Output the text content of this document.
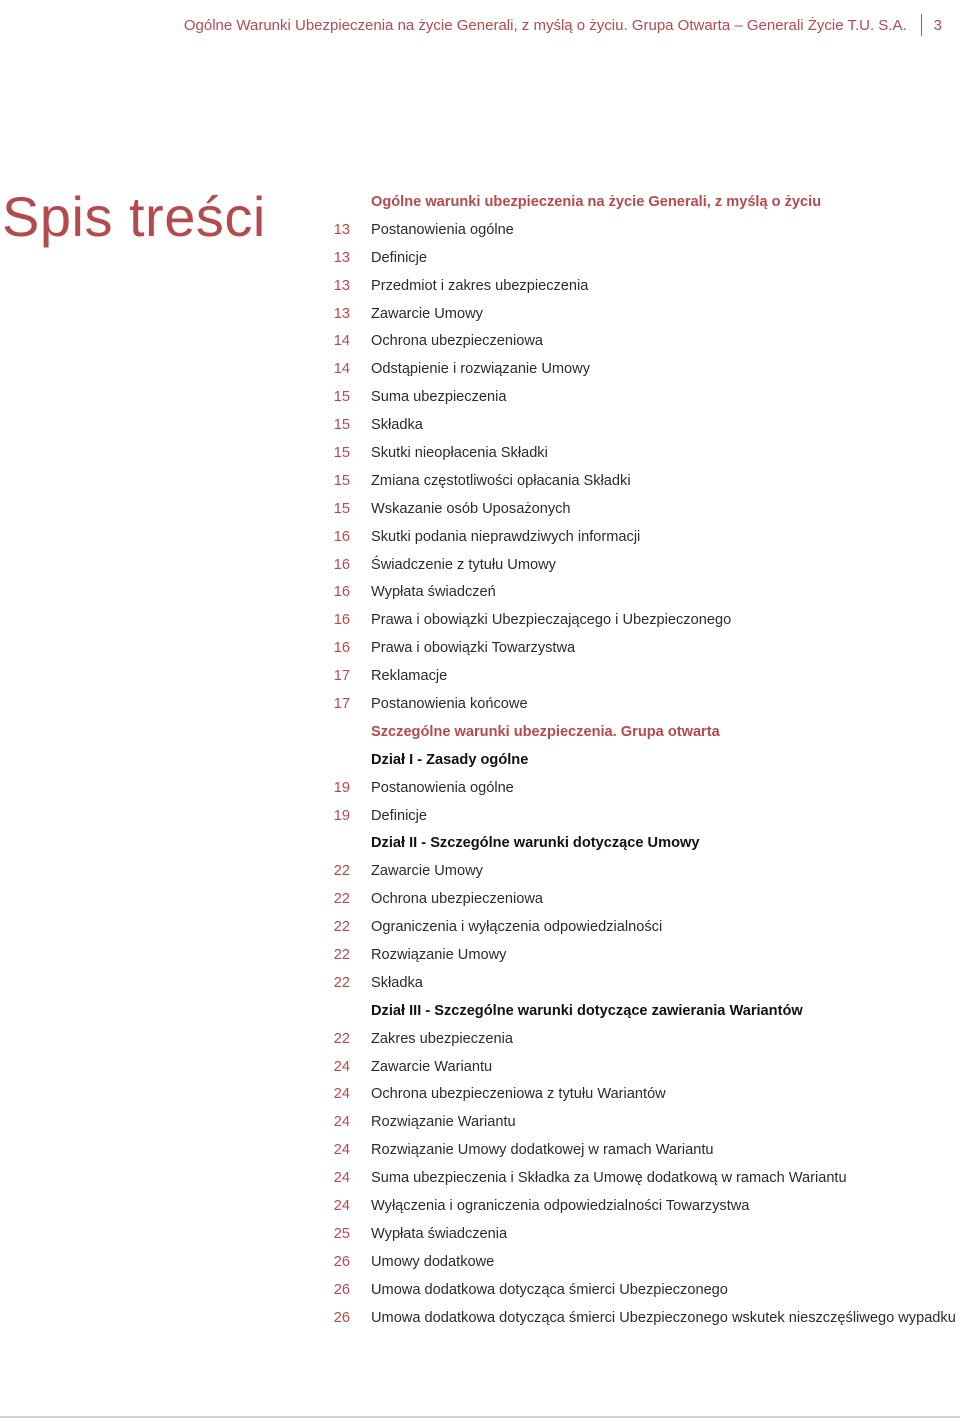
Ogólne Warunki Ubezpieczenia na życie Generali, z myślą o życiu. Grupa Otwarta – Generali Życie T.U. S.A. 3
Spis treści	Ogólne warunki ubezpieczenia na życie Generali, z myślą o życiu
13 Postanowienia ogólne
13 Definicje
13 Przedmiot i zakres ubezpieczenia
13 Zawarcie Umowy
14 Ochrona ubezpieczeniowa
14 Odstąpienie i rozwiązanie Umowy
15 Suma ubezpieczenia
15 Składka
15 Skutki nieopłacenia Składki
15 Zmiana częstotliwości opłacania Składki
15 Wskazanie osób Uposażonych
16 Skutki podania nieprawdziwych informacji
16 Świadczenie z tytułu Umowy
16 Wypłata świadczeń
16 Prawa i obowiązki Ubezpieczającego i Ubezpieczonego
16 Prawa i obowiązki Towarzystwa
17 Reklamacje
17 Postanowienia końcowe
Szczególne warunki ubezpieczenia. Grupa otwarta
Dział I - Zasady ogólne
19 Postanowienia ogólne
19 Definicje
Dział II - Szczególne warunki dotyczące Umowy
22 Zawarcie Umowy
22 Ochrona ubezpieczeniowa
22 Ograniczenia i wyłączenia odpowiedzialności
22 Rozwiązanie Umowy
22 Składka
Dział III - Szczególne warunki dotyczące zawierania Wariantów
22 Zakres ubezpieczenia
24 Zawarcie Wariantu
24 Ochrona ubezpieczeniowa z tytułu Wariantów
24 Rozwiązanie Wariantu
24 Rozwiązanie Umowy dodatkowej w ramach Wariantu
24 Suma ubezpieczenia i Składka za Umowę dodatkową w ramach Wariantu
24 Wyłączenia i ograniczenia odpowiedzialności Towarzystwa
25 Wypłata świadczenia
26 Umowy dodatkowe
26 Umowa dodatkowa dotycząca śmierci Ubezpieczonego
26 Umowa dodatkowa dotycząca śmierci Ubezpieczonego wskutek nieszczęśliwego wypadku
